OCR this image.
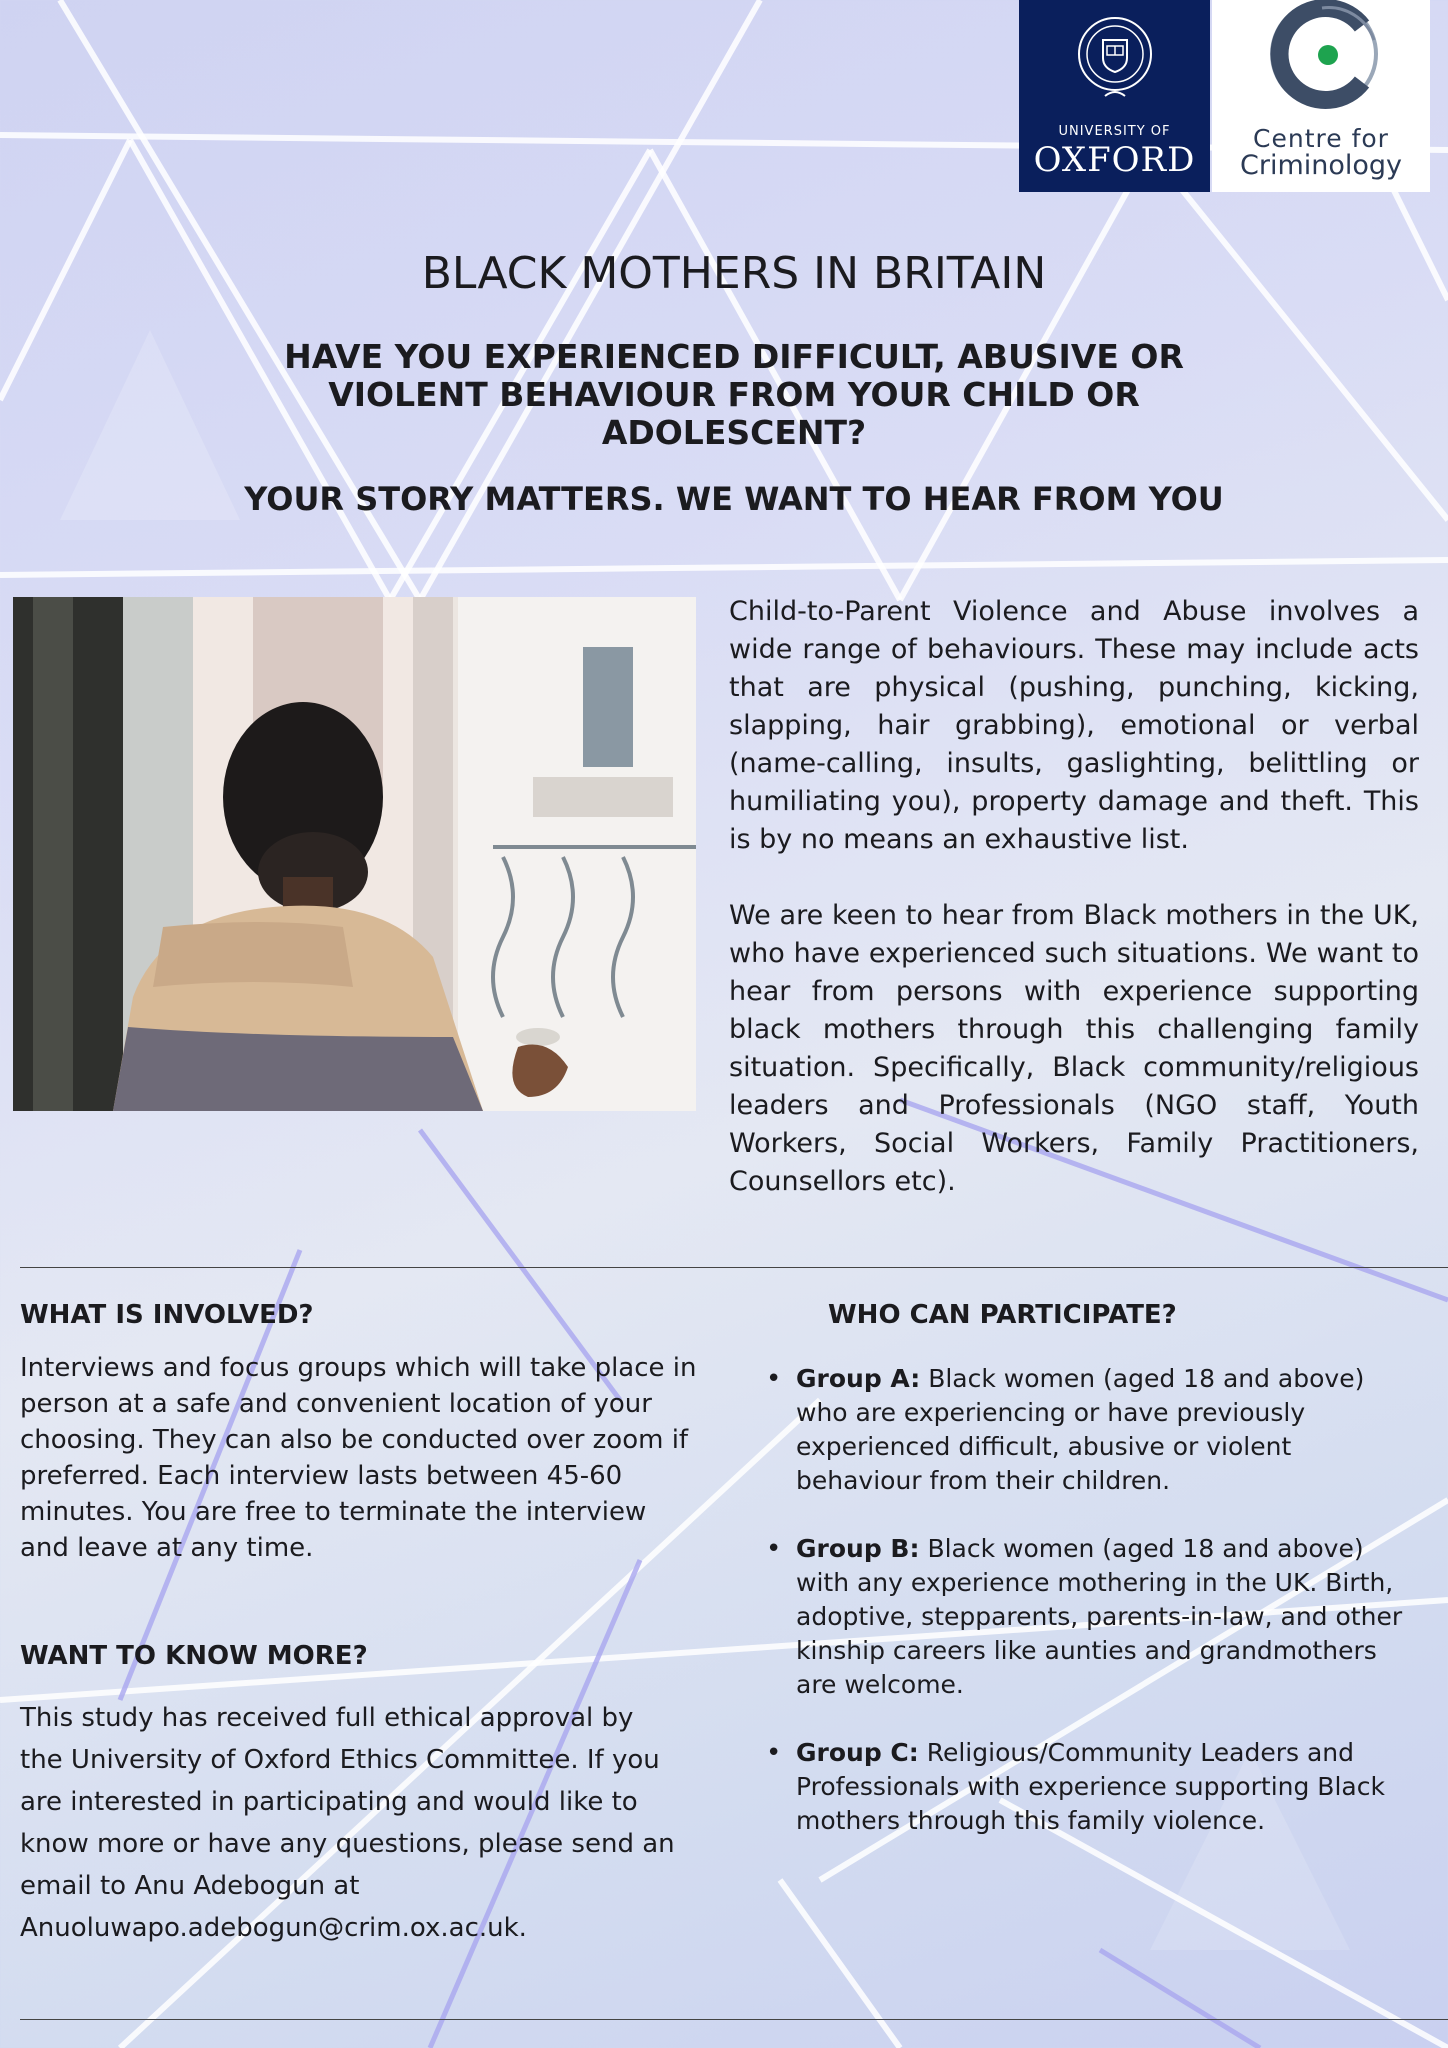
UNIVERSITY OF
OXFORD
Centre for
Criminology
BLACK MOTHERS IN BRITAIN
HAVE YOU EXPERIENCED DIFFICULT, ABUSIVE OR VIOLENT BEHAVIOUR FROM YOUR CHILD OR ADOLESCENT?
YOUR STORY MATTERS. WE WANT TO HEAR FROM YOU

Child-to-Parent Violence and Abuse involves a wide range of behaviours. These may include acts that are physical (pushing, punching, kicking, slapping, hair grabbing), emotional or verbal (name-calling, insults, gaslighting, belittling or humiliating you), property damage and theft. This is by no means an exhaustive list.

We are keen to hear from Black mothers in the UK, who have experienced such situations. We want to hear from persons with experience supporting black mothers through this challenging family situation. Specifically, Black community/religious leaders and Professionals (NGO staff, Youth Workers, Social Workers, Family Practitioners, Counsellors etc).

WHAT IS INVOLVED?

Interviews and focus groups which will take place in person at a safe and convenient location of your choosing. They can also be conducted over zoom if preferred. Each interview lasts between 45-60 minutes. You are free to terminate the interview and leave at any time.

WANT TO KNOW MORE?

This study has received full ethical approval by the University of Oxford Ethics Committee. If you are interested in participating and would like to know more or have any questions, please send an email to Anu Adebogun at Anuoluwapo.adebogun@crim.ox.ac.uk.

WHO CAN PARTICIPATE?
• Group A: Black women (aged 18 and above) who are experiencing or have previously experienced difficult, abusive or violent behaviour from their children.
• Group B: Black women (aged 18 and above) with any experience mothering in the UK. Birth, adoptive, stepparents, parents-in-law, and other kinship careers like aunties and grandmothers are welcome.
• Group C: Religious/Community Leaders and Professionals with experience supporting Black mothers through this family violence.
